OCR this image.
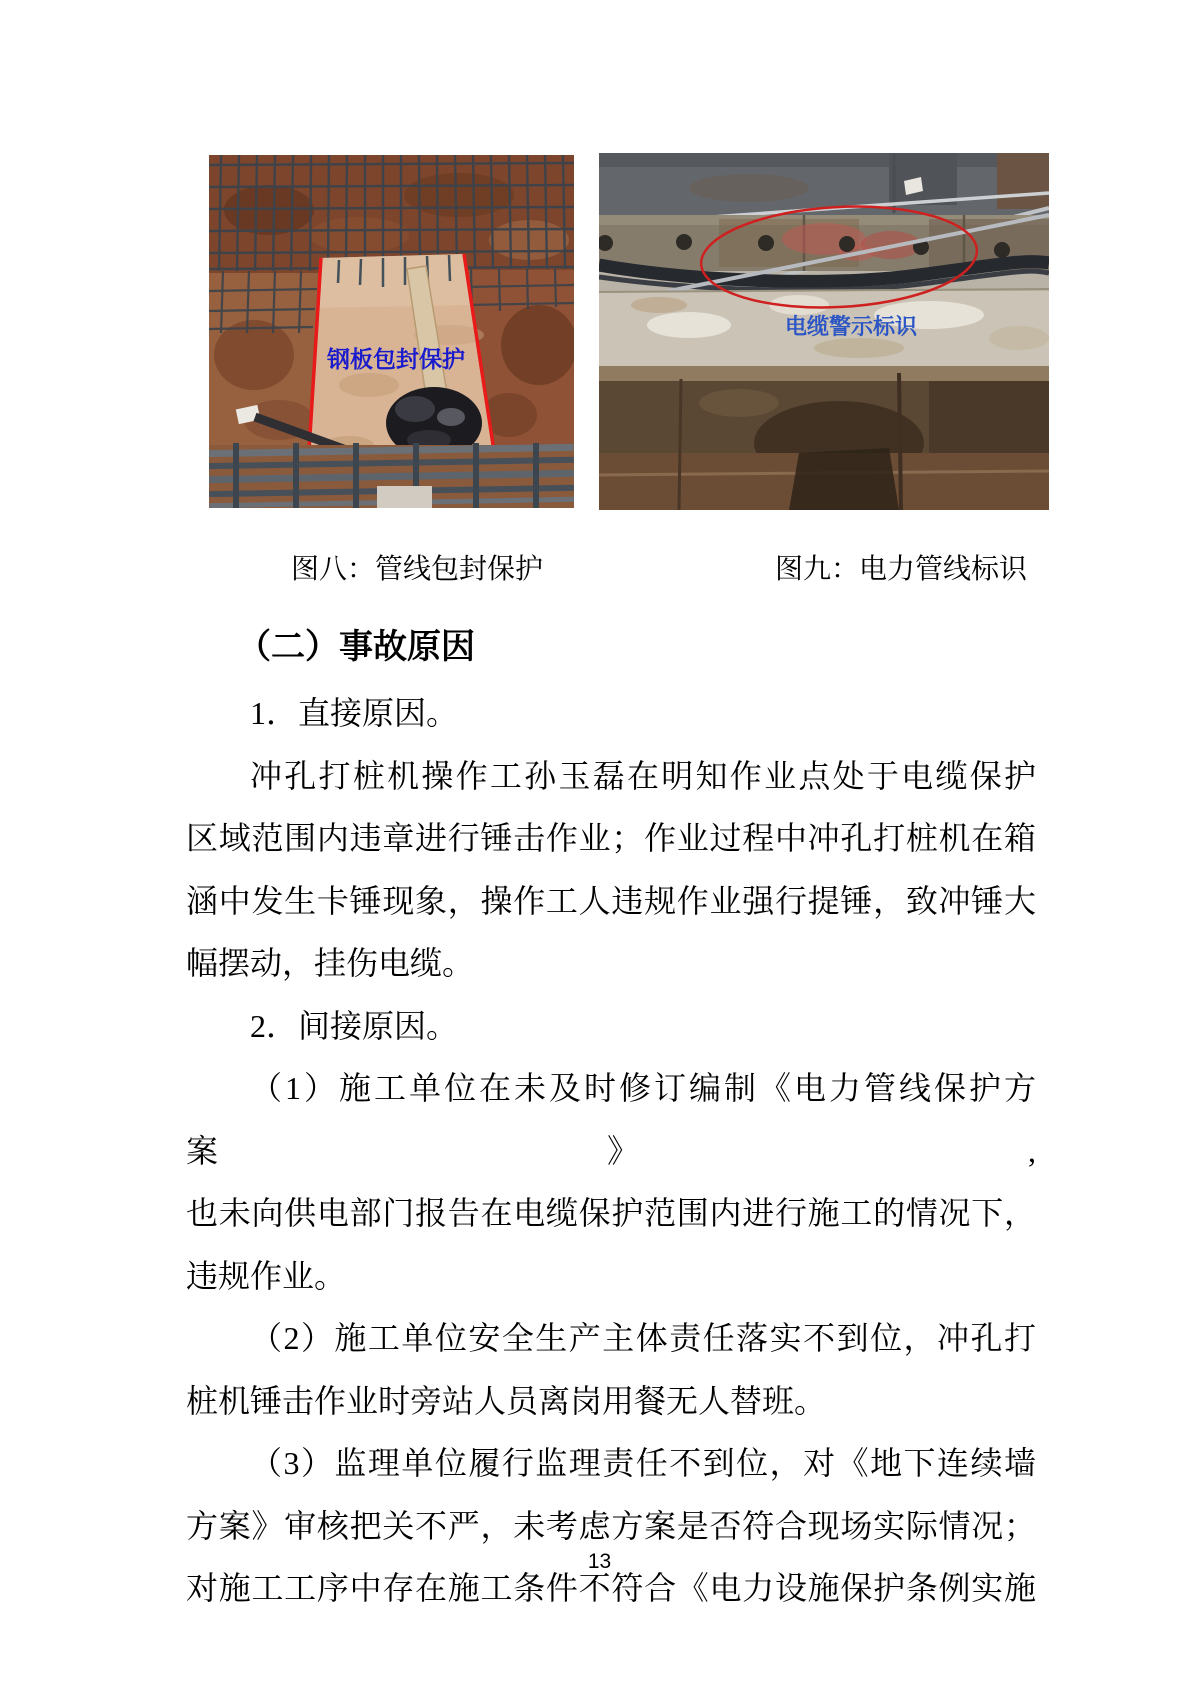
钢板包封保护
电缆警示标识
图八：管线包封保护	图九：电力管线标识
（二）事故原因

1．直接原因。

冲孔打桩机操作工孙玉磊在明知作业点处于电缆保护
区域范围内违章进行锤击作业；作业过程中冲孔打桩机在箱
涵中发生卡锤现象，操作工人违规作业强行提锤，致冲锤大
幅摆动，挂伤电缆。

2．间接原因。

（1）施工单位在未及时修订编制《电力管线保护方案》,
也未向供电部门报告在电缆保护范围内进行施工的情况下，
违规作业。

（2）施工单位安全生产主体责任落实不到位，冲孔打
桩机锤击作业时旁站人员离岗用餐无人替班。

（3）监理单位履行监理责任不到位，对《地下连续墙
方案》审核把关不严，未考虑方案是否符合现场实际情况；
对施工工序中存在施工条件不符合《电力设施保护条例实施

13
